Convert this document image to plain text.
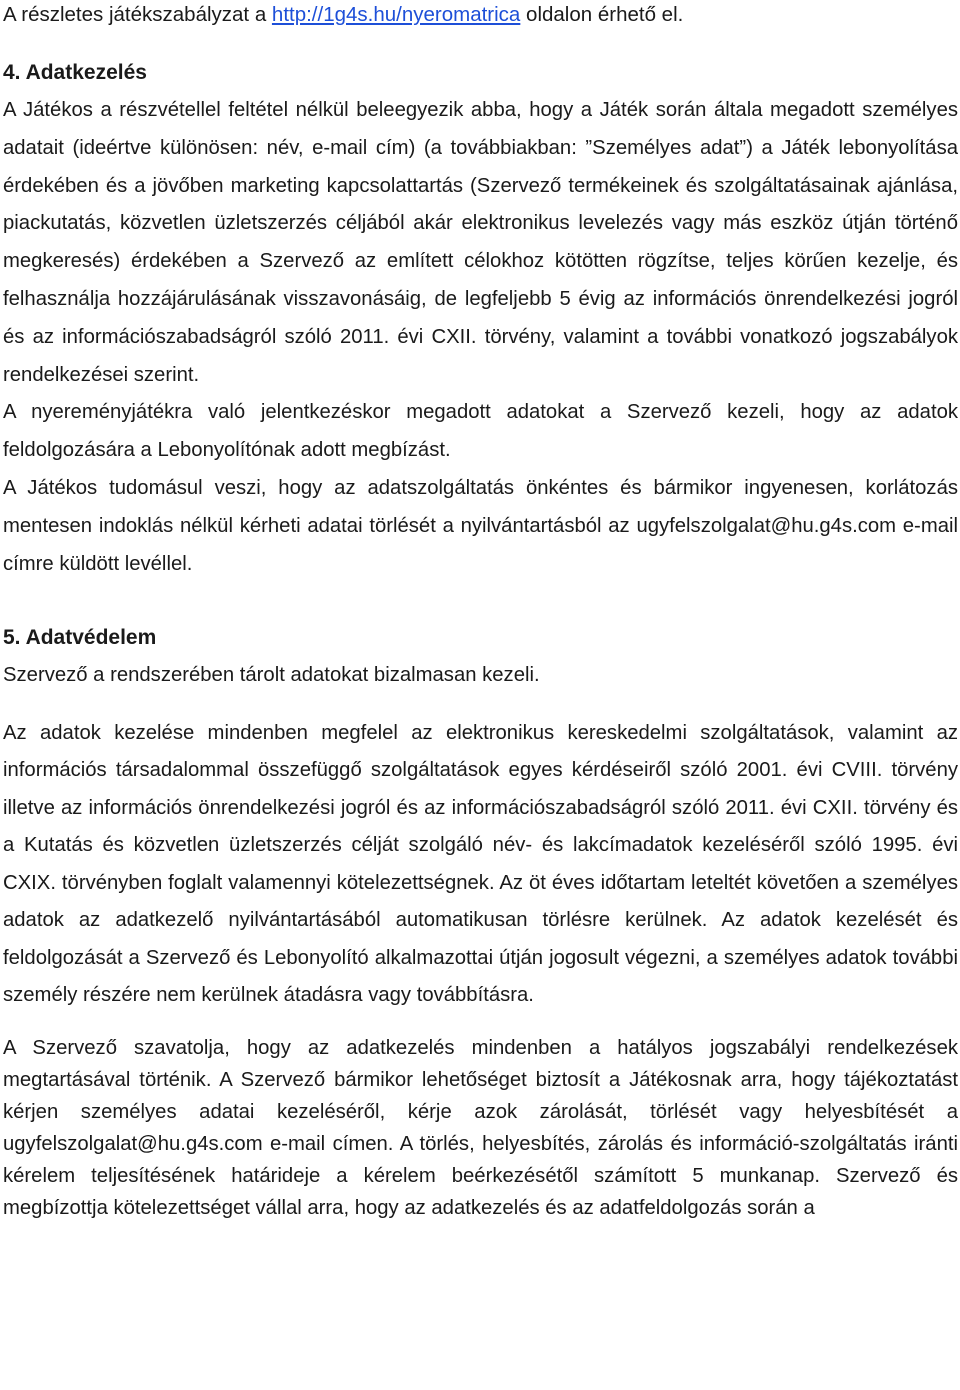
A részletes játékszabályzat a http://1g4s.hu/nyeromatrica oldalon érhető el.

4. Adatkezelés

A Játékos a részvétellel feltétel nélkül beleegyezik abba, hogy a Játék során általa megadott személyes adatait (ideértve különösen: név, e-mail cím) (a továbbiakban: ”Személyes adat”) a Játék lebonyolítása érdekében és a jövőben marketing kapcsolattartás (Szervező termékeinek és szolgáltatásainak ajánlása, piackutatás, közvetlen üzletszerzés céljából akár elektronikus levelezés vagy más eszköz útján történő megkeresés) érdekében a Szervező az említett célokhoz kötötten rögzítse, teljes körűen kezelje, és felhasználja hozzájárulásának visszavonásáig, de legfeljebb 5 évig az információs önrendelkezési jogról és az információszabadságról szóló 2011. évi CXII. törvény, valamint a további vonatkozó jogszabályok rendelkezései szerint.

A nyereményjátékra való jelentkezéskor megadott adatokat a Szervező kezeli, hogy az adatok feldolgozására a Lebonyolítónak adott megbízást.

A Játékos tudomásul veszi, hogy az adatszolgáltatás önkéntes és bármikor ingyenesen, korlátozás mentesen indoklás nélkül kérheti adatai törlését a nyilvántartásból az ugyfelszolgalat@hu.g4s.com e-mail címre küldött levéllel.

5. Adatvédelem

Szervező a rendszerében tárolt adatokat bizalmasan kezeli.

Az adatok kezelése mindenben megfelel az elektronikus kereskedelmi szolgáltatások, valamint az információs társadalommal összefüggő szolgáltatások egyes kérdéseiről szóló 2001. évi CVIII. törvény illetve az információs önrendelkezési jogról és az információszabadságról szóló 2011. évi CXII. törvény és a Kutatás és közvetlen üzletszerzés célját szolgáló név- és lakcímadatok kezeléséről szóló 1995. évi CXIX. törvényben foglalt valamennyi kötelezettségnek. Az öt éves időtartam leteltét követően a személyes adatok az adatkezelő nyilvántartásából automatikusan törlésre kerülnek. Az adatok kezelését és feldolgozását a Szervező és Lebonyolító alkalmazottai útján jogosult végezni, a személyes adatok további személy részére nem kerülnek átadásra vagy továbbításra.

A Szervező szavatolja, hogy az adatkezelés mindenben a hatályos jogszabályi rendelkezések megtartásával történik. A Szervező bármikor lehetőséget biztosít a Játékosnak arra, hogy tájékoztatást kérjen személyes adatai kezeléséről, kérje azok zárolását, törlését vagy helyesbítését a ugyfelszolgalat@hu.g4s.com e-mail címen. A törlés, helyesbítés, zárolás és információ-szolgáltatás iránti kérelem teljesítésének határideje a kérelem beérkezésétől számított 5 munkanap. Szervező és megbízottja kötelezettséget vállal arra, hogy az adatkezelés és az adatfeldolgozás során a
